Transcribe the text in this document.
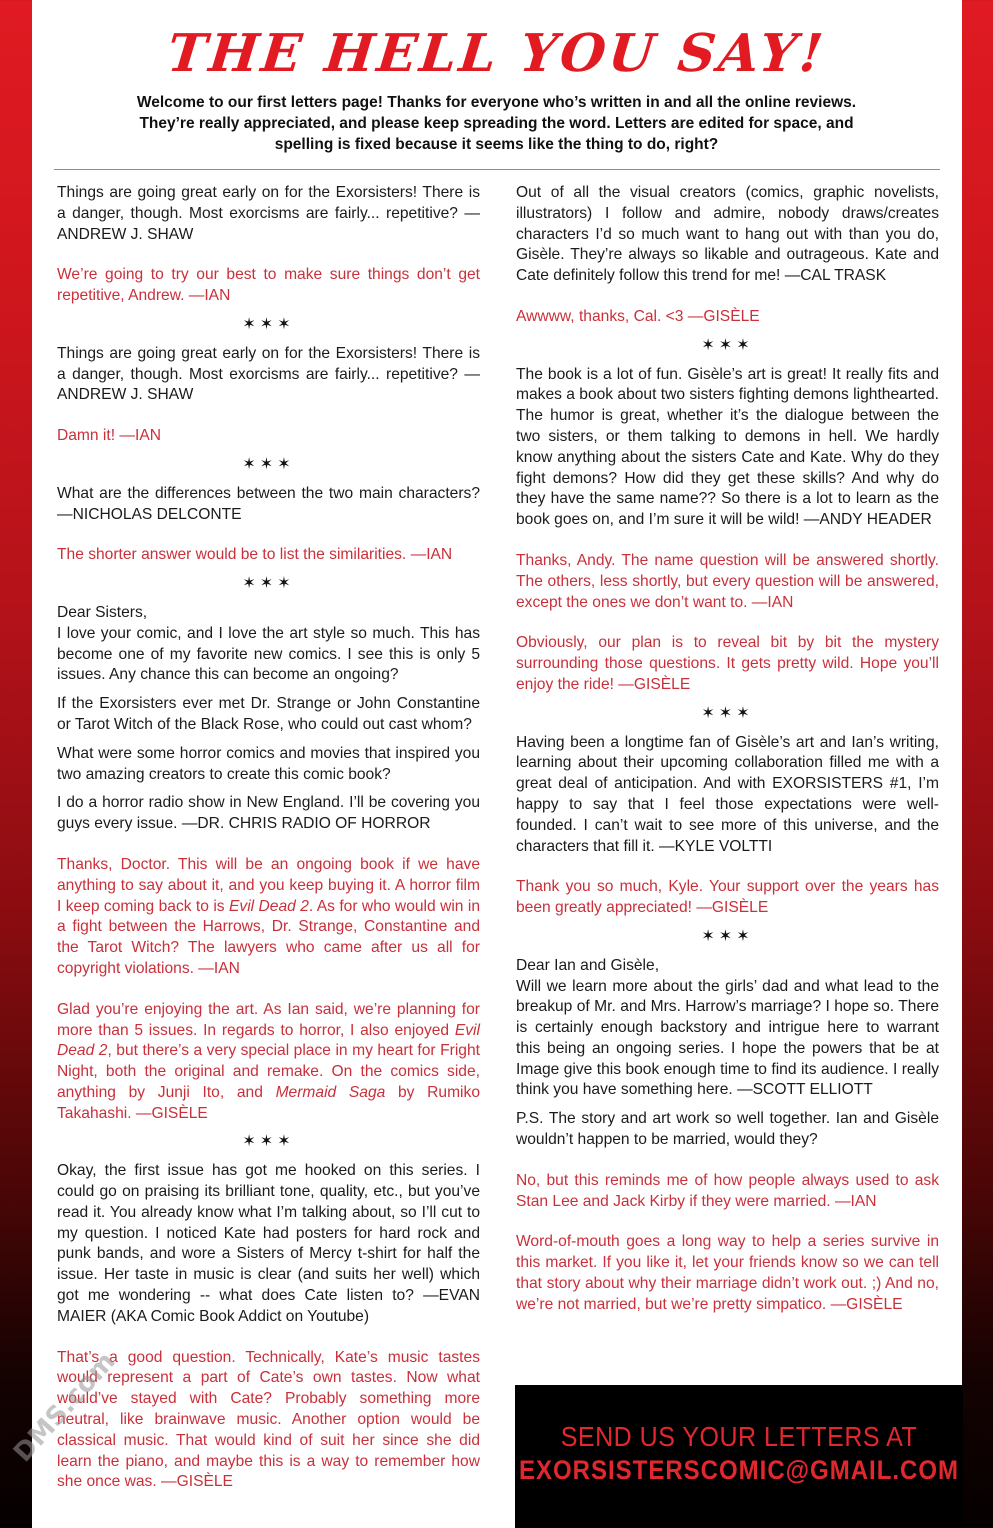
THE HELL YOU SAY!
Welcome to our first letters page! Thanks for everyone who’s written in and all the online reviews. They’re really appreciated, and please keep spreading the word. Letters are edited for space, and spelling is fixed because it seems like the thing to do, right?

Things are going great early on for the Exorsisters! There is a danger, though. Most exorcisms are fairly... repetitive? —ANDREW J. SHAW

We’re going to try our best to make sure things don’t get repetitive, Andrew. —IAN

✶✶✶

Things are going great early on for the Exorsisters! There is a danger, though. Most exorcisms are fairly... repetitive? —ANDREW J. SHAW

Damn it! —IAN

✶✶✶

What are the differences between the two main characters? —NICHOLAS DELCONTE

The shorter answer would be to list the similarities. —IAN

✶✶✶

Dear Sisters,
I love your comic, and I love the art style so much. This has become one of my favorite new comics. I see this is only 5 issues. Any chance this can become an ongoing?

If the Exorsisters ever met Dr. Strange or John Constantine or Tarot Witch of the Black Rose, who could out cast whom?

What were some horror comics and movies that inspired you two amazing creators to create this comic book?

I do a horror radio show in New England. I’ll be covering you guys every issue. —DR. CHRIS RADIO OF HORROR

Thanks, Doctor. This will be an ongoing book if we have anything to say about it, and you keep buying it. A horror film I keep coming back to is Evil Dead 2. As for who would win in a fight between the Harrows, Dr. Strange, Constantine and the Tarot Witch? The lawyers who came after us all for copyright violations. —IAN

Glad you’re enjoying the art. As Ian said, we’re planning for more than 5 issues. In regards to horror, I also enjoyed Evil Dead 2, but there’s a very special place in my heart for Fright Night, both the original and remake. On the comics side, anything by Junji Ito, and Mermaid Saga by Rumiko Takahashi. —GISÈLE

✶✶✶

Okay, the first issue has got me hooked on this series. I could go on praising its brilliant tone, quality, etc., but you’ve read it. You already know what I’m talking about, so I’ll cut to my question. I noticed Kate had posters for hard rock and punk bands, and wore a Sisters of Mercy t-shirt for half the issue. Her taste in music is clear (and suits her well) which got me wondering -- what does Cate listen to? —EVAN MAIER (AKA Comic Book Addict on Youtube)

That’s a good question. Technically, Kate’s music tastes would represent a part of Cate’s own tastes. Now what would’ve stayed with Cate? Probably something more neutral, like brainwave music. Another option would be classical music. That would kind of suit her since she did learn the piano, and maybe this is a way to remember how she once was. —GISÈLE

Out of all the visual creators (comics, graphic novelists, illustrators) I follow and admire, nobody draws/creates characters I’d so much want to hang out with than you do, Gisèle. They’re always so likable and outrageous. Kate and Cate definitely follow this trend for me! —CAL TRASK

Awwww, thanks, Cal. <3 —GISÈLE

✶✶✶

The book is a lot of fun. Gisèle’s art is great! It really fits and makes a book about two sisters fighting demons lighthearted. The humor is great, whether it’s the dialogue between the two sisters, or them talking to demons in hell. We hardly know anything about the sisters Cate and Kate. Why do they fight demons? How did they get these skills? And why do they have the same name?? So there is a lot to learn as the book goes on, and I’m sure it will be wild! —ANDY HEADER

Thanks, Andy. The name question will be answered shortly. The others, less shortly, but every question will be answered, except the ones we don’t want to. —IAN

Obviously, our plan is to reveal bit by bit the mystery surrounding those questions. It gets pretty wild. Hope you’ll enjoy the ride! —GISÈLE

✶✶✶

Having been a longtime fan of Gisèle’s art and Ian’s writing, learning about their upcoming collaboration filled me with a great deal of anticipation. And with EXORSISTERS #1, I’m happy to say that I feel those expectations were well-founded. I can’t wait to see more of this universe, and the characters that fill it. —KYLE VOLTTI

Thank you so much, Kyle. Your support over the years has been greatly appreciated! —GISÈLE

✶✶✶

Dear Ian and Gisèle,
Will we learn more about the girls’ dad and what lead to the breakup of Mr. and Mrs. Harrow’s marriage? I hope so. There is certainly enough backstory and intrigue here to warrant this being an ongoing series. I hope the powers that be at Image give this book enough time to find its audience. I really think you have something here. —SCOTT ELLIOTT

P.S. The story and art work so well together. Ian and Gisèle wouldn’t happen to be married, would they?

No, but this reminds me of how people always used to ask Stan Lee and Jack Kirby if they were married. —IAN

Word-of-mouth goes a long way to help a series survive in this market. If you like it, let your friends know so we can tell that story about why their marriage didn’t work out. ;) And no, we’re not married, but we’re pretty simpatico. —GISÈLE

SEND US YOUR LETTERS AT
EXORSISTERSCOMIC@GMAIL.COM
DMS.com
